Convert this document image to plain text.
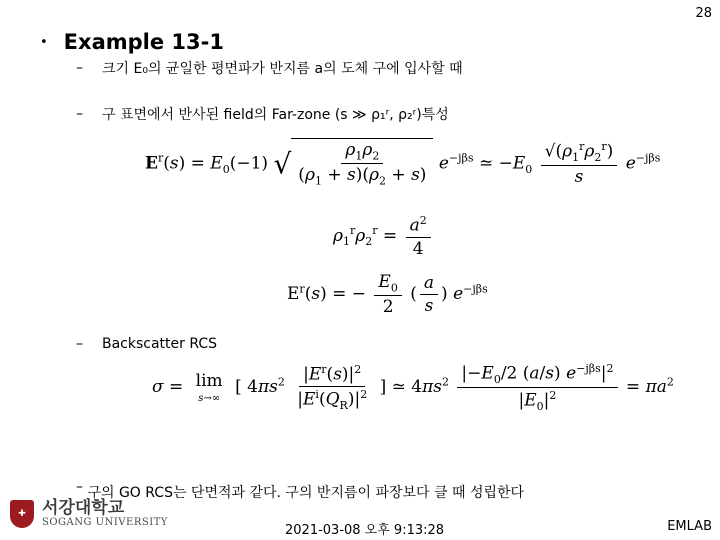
28
• Example 13-1
– 크기 E₀의 균일한 평면파가 반지름 a의 도체 구에 입사할 때
– 구 표면에서 반사된 field의 Far-zone (s ≫ ρ₁ʳ, ρ₂ʳ)특성
$E^r(s) = E_0(-1)$ √ $\frac{\rho_1\rho_2}{(\rho_1 + s)(\rho_2 + s)} e^{-j\beta s}$ ≃ $-E_0 \frac{√(\rho_1^r\rho_2^r)}{s} e^{-j\beta s}$
$\rho_1^r\rho_2^r = \frac{a^2}{4}$
$E^r(s)$ = − $\frac{E_0}{2}$ ( $\frac{a}{s}$ ) $e^{-j\beta s}$
– Backscatter RCS
σ = lim
s→∞
[ $4\pi s^2 \frac{|E^r(s)|^2}{|E^i(Q_R)|^2}$ ] ≃ $4\pi s^2 \frac{|-E_0/2 (a/s) e^{-j\beta s}|^2}{|E_0|^2} = \pi a^2$
– 구의 GO RCS는 단면적과 같다. 구의 반지름이 파장보다 클 때 성립한다
✚ 서강대학교
SOGANG UNIVERSITY
2021-03-08 오후 9:13:28	EMLAB
